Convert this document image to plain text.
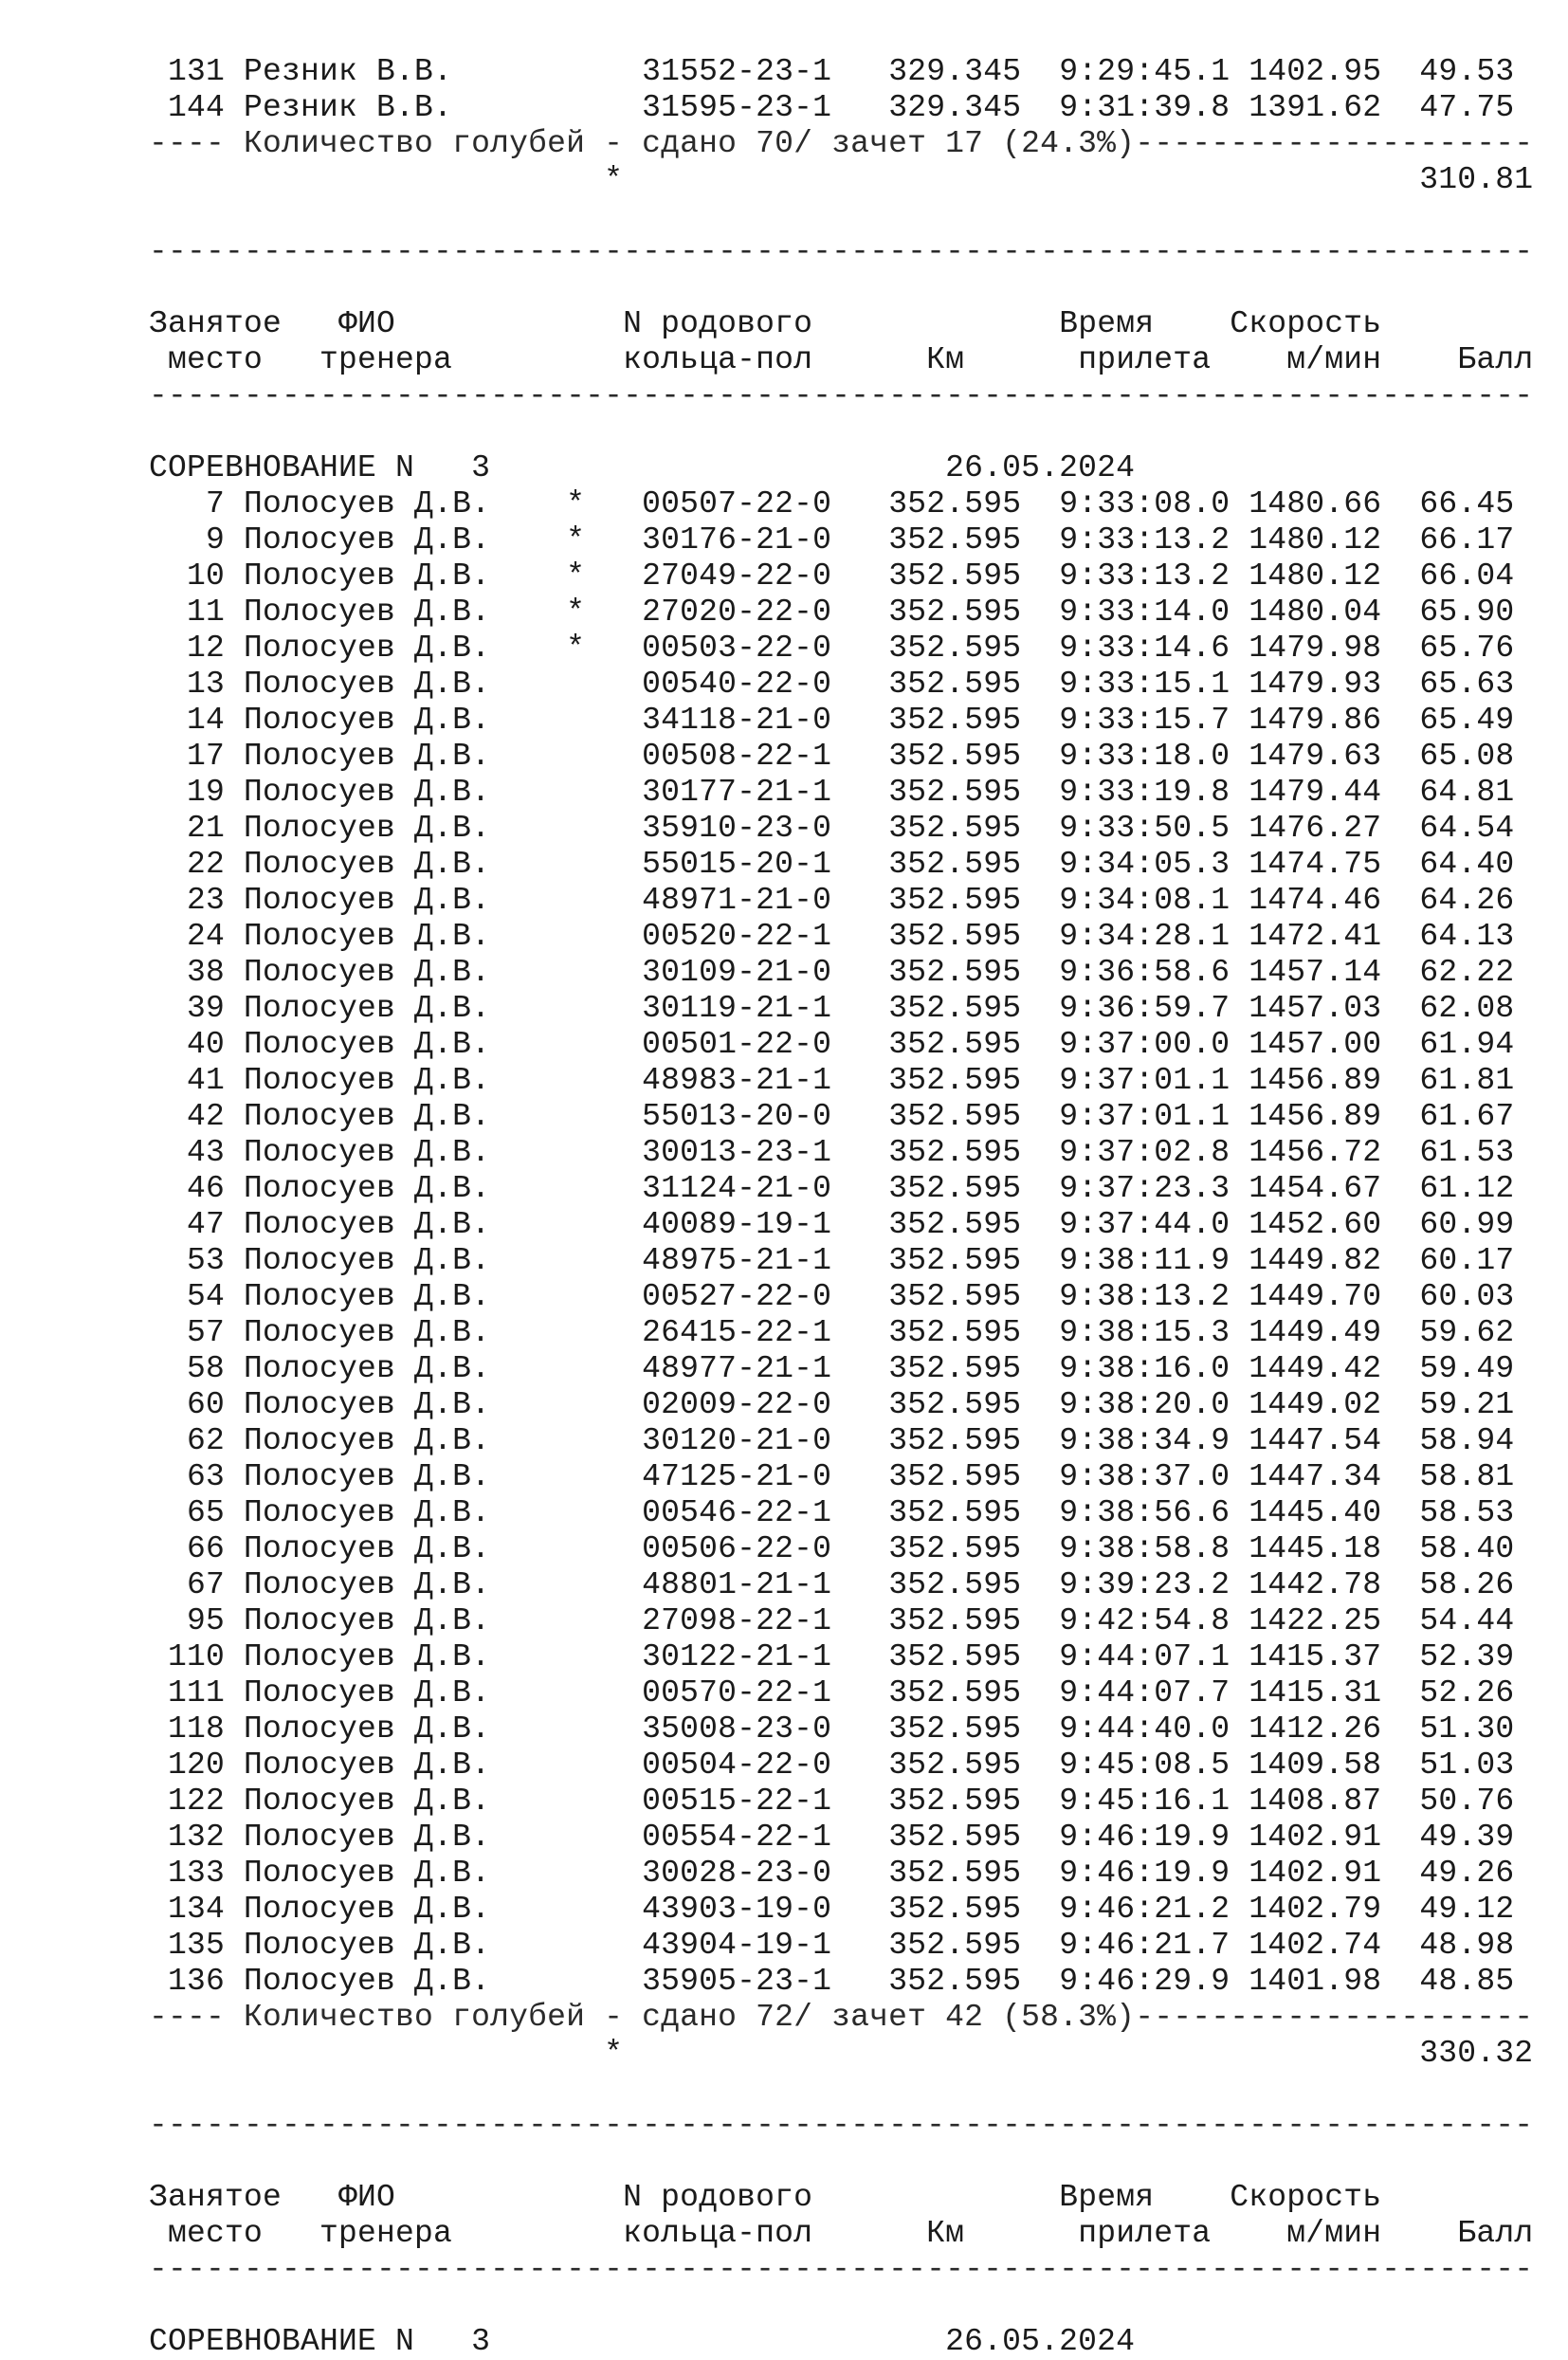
131 Резник В.В.          31552-23-1 329.345 9:29:45.1 1402.95  49.53
144 Резник В.В.          31595-23-1 329.345 9:31:39.8 1391.62  47.75
---- Количество голубей - сдано 70/ зачет 17 (24.3%)---------------------
*	310.81
-------------------------------------------------------------------------
Занятое   ФИО            N родового             Время Скорость
место   тренера         кольца-пол	Км	прилета м/мин Балл
-------------------------------------------------------------------------
СОРЕВНОВАНИЕ N 3	26.05.2024
7 Полосуев Д.В.    * 00507-22-0 352.595 9:33:08.0 1480.66  66.45
9 Полосуев Д.В.    * 30176-21-0 352.595 9:33:13.2 1480.12  66.17
10 Полосуев Д.В.    * 27049-22-0 352.595 9:33:13.2 1480.12  66.04
11 Полосуев Д.В.    * 27020-22-0 352.595 9:33:14.0 1480.04  65.90
12 Полосуев Д.В.    * 00503-22-0 352.595 9:33:14.6 1479.98  65.76
13 Полосуев Д.В.        00540-22-0 352.595 9:33:15.1 1479.93  65.63
14 Полосуев Д.В.        34118-21-0 352.595 9:33:15.7 1479.86  65.49
17 Полосуев Д.В.        00508-22-1 352.595 9:33:18.0 1479.63  65.08
19 Полосуев Д.В.        30177-21-1 352.595 9:33:19.8 1479.44  64.81
21 Полосуев Д.В.        35910-23-0 352.595 9:33:50.5 1476.27  64.54
22 Полосуев Д.В.        55015-20-1 352.595 9:34:05.3 1474.75  64.40
23 Полосуев Д.В.        48971-21-0 352.595 9:34:08.1 1474.46  64.26
24 Полосуев Д.В.        00520-22-1 352.595 9:34:28.1 1472.41  64.13
38 Полосуев Д.В.        30109-21-0 352.595 9:36:58.6 1457.14  62.22
39 Полосуев Д.В.        30119-21-1 352.595 9:36:59.7 1457.03  62.08
40 Полосуев Д.В.        00501-22-0 352.595 9:37:00.0 1457.00  61.94
41 Полосуев Д.В.        48983-21-1 352.595 9:37:01.1 1456.89  61.81
42 Полосуев Д.В.        55013-20-0 352.595 9:37:01.1 1456.89  61.67
43 Полосуев Д.В.        30013-23-1 352.595 9:37:02.8 1456.72  61.53
46 Полосуев Д.В.        31124-21-0 352.595 9:37:23.3 1454.67  61.12
47 Полосуев Д.В.        40089-19-1 352.595 9:37:44.0 1452.60  60.99
53 Полосуев Д.В.        48975-21-1 352.595 9:38:11.9 1449.82  60.17
54 Полосуев Д.В.        00527-22-0 352.595 9:38:13.2 1449.70  60.03
57 Полосуев Д.В.        26415-22-1 352.595 9:38:15.3 1449.49  59.62
58 Полосуев Д.В.        48977-21-1 352.595 9:38:16.0 1449.42  59.49
60 Полосуев Д.В.        02009-22-0 352.595 9:38:20.0 1449.02  59.21
62 Полосуев Д.В.        30120-21-0 352.595 9:38:34.9 1447.54  58.94
63 Полосуев Д.В.        47125-21-0 352.595 9:38:37.0 1447.34  58.81
65 Полосуев Д.В.        00546-22-1 352.595 9:38:56.6 1445.40  58.53
66 Полосуев Д.В.        00506-22-0 352.595 9:38:58.8 1445.18  58.40
67 Полосуев Д.В.        48801-21-1 352.595 9:39:23.2 1442.78  58.26
95 Полосуев Д.В.        27098-22-1 352.595 9:42:54.8 1422.25  54.44
110 Полосуев Д.В.        30122-21-1 352.595 9:44:07.1 1415.37  52.39
111 Полосуев Д.В.        00570-22-1 352.595 9:44:07.7 1415.31  52.26
118 Полосуев Д.В.        35008-23-0 352.595 9:44:40.0 1412.26  51.30
120 Полосуев Д.В.        00504-22-0 352.595 9:45:08.5 1409.58  51.03
122 Полосуев Д.В.        00515-22-1 352.595 9:45:16.1 1408.87  50.76
132 Полосуев Д.В.        00554-22-1 352.595 9:46:19.9 1402.91  49.39
133 Полосуев Д.В.        30028-23-0 352.595 9:46:19.9 1402.91  49.26
134 Полосуев Д.В.        43903-19-0 352.595 9:46:21.2 1402.79  49.12
135 Полосуев Д.В.        43904-19-1 352.595 9:46:21.7 1402.74  48.98
136 Полосуев Д.В.        35905-23-1 352.595 9:46:29.9 1401.98  48.85
---- Количество голубей - сдано 72/ зачет 42 (58.3%)---------------------
*	330.32
-------------------------------------------------------------------------
Занятое   ФИО            N родового             Время Скорость
место   тренера         кольца-пол	Км	прилета м/мин Балл
-------------------------------------------------------------------------
СОРЕВНОВАНИЕ N 3	26.05.2024
